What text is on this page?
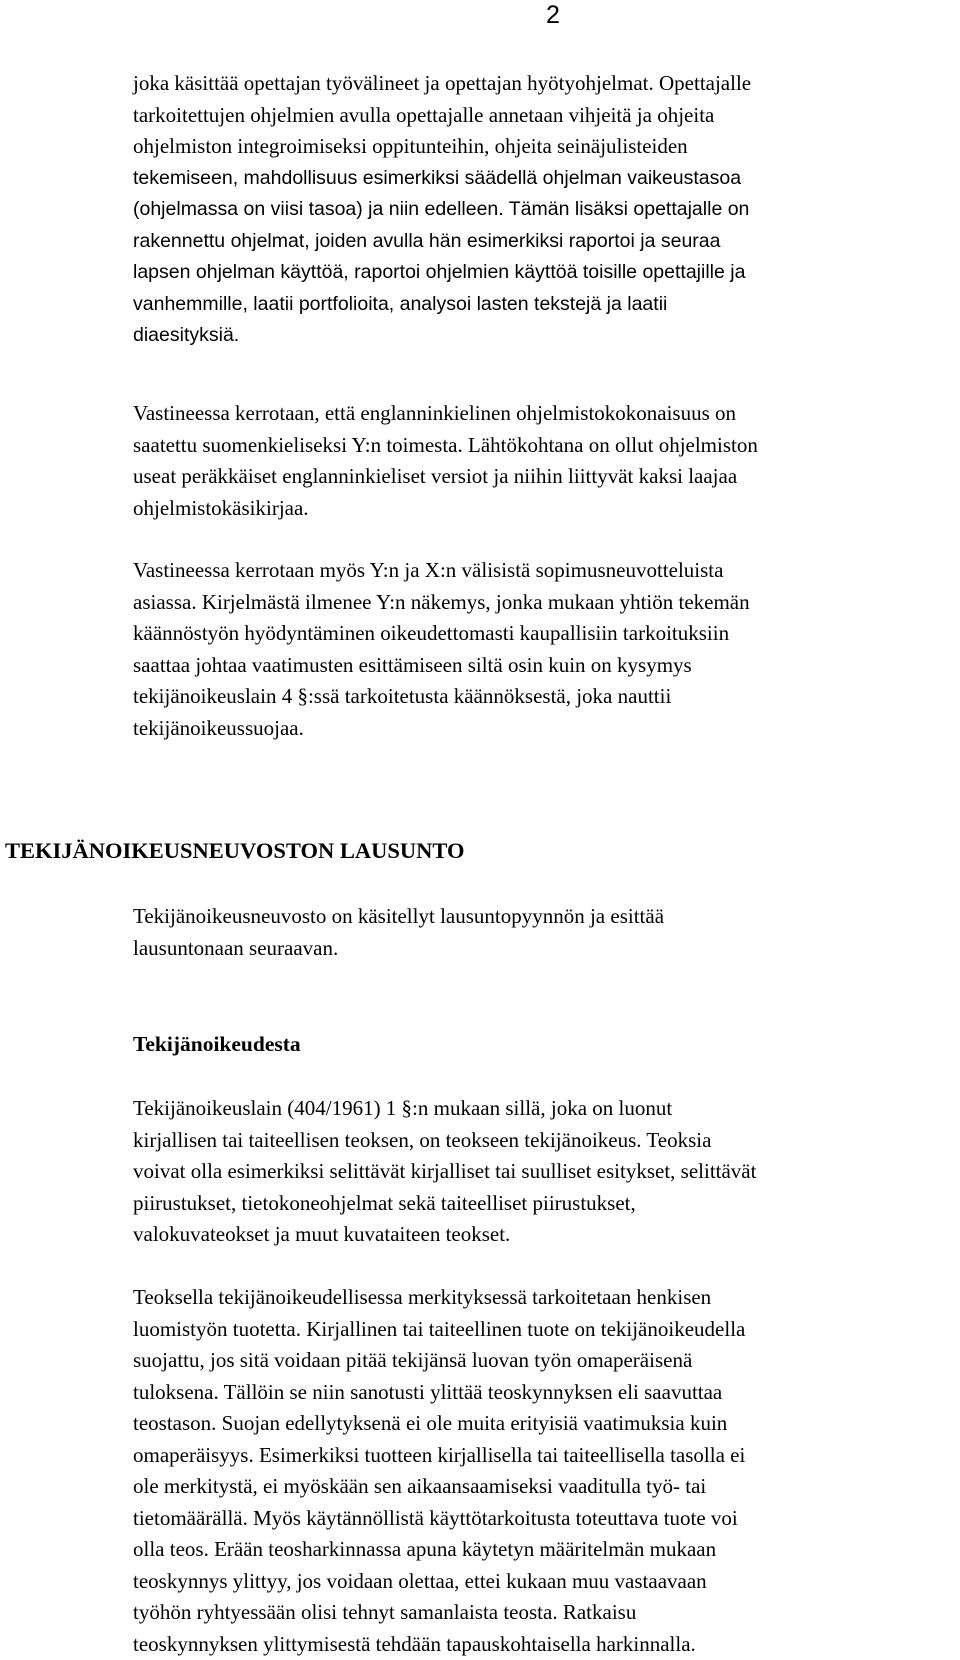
2
joka käsittää opettajan työvälineet ja opettajan hyötyohjelmat. Opettajalle
tarkoitettujen ohjelmien avulla opettajalle annetaan vihjeitä ja ohjeita
ohjelmiston integroimiseksi oppitunteihin, ohjeita seinäjulisteiden
tekemiseen, mahdollisuus esimerkiksi säädellä ohjelman vaikeustasoa
(ohjelmassa on viisi tasoa) ja niin edelleen. Tämän lisäksi opettajalle on
rakennettu ohjelmat, joiden avulla hän esimerkiksi raportoi ja seuraa
lapsen ohjelman käyttöä, raportoi ohjelmien käyttöä toisille opettajille ja
vanhemmille, laatii portfolioita, analysoi lasten tekstejä ja laatii
diaesityksiä.
Vastineessa kerrotaan, että englanninkielinen ohjelmistokokonaisuus on
saatettu suomenkieliseksi Y:n toimesta. Lähtökohtana on ollut ohjelmiston
useat peräkkäiset englanninkieliset versiot ja niihin liittyvät kaksi laajaa
ohjelmistokäsikirjaa.
Vastineessa kerrotaan myös Y:n ja X:n välisistä sopimusneuvotteluista
asiassa. Kirjelmästä ilmenee Y:n näkemys, jonka mukaan yhtiön tekemän
käännöstyön hyödyntäminen oikeudettomasti kaupallisiin tarkoituksiin
saattaa johtaa vaatimusten esittämiseen siltä osin kuin on kysymys
tekijänoikeuslain 4 §:ssä tarkoitetusta käännöksestä, joka nauttii
tekijänoikeussuojaa.
TEKIJÄNOIKEUSNEUVOSTON LAUSUNTO
Tekijänoikeusneuvosto on käsitellyt lausuntopyynnön ja esittää
lausuntonaan seuraavan.
Tekijänoikeudesta
Tekijänoikeuslain (404/1961) 1 §:n mukaan sillä, joka on luonut
kirjallisen tai taiteellisen teoksen, on teokseen tekijänoikeus. Teoksia
voivat olla esimerkiksi selittävät kirjalliset tai suulliset esitykset, selittävät
piirustukset, tietokoneohjelmat sekä taiteelliset piirustukset,
valokuvateokset ja muut kuvataiteen teokset.
Teoksella tekijänoikeudellisessa merkityksessä tarkoitetaan henkisen
luomistyön tuotetta. Kirjallinen tai taiteellinen tuote on tekijänoikeudella
suojattu, jos sitä voidaan pitää tekijänsä luovan työn omaperäisenä
tuloksena. Tällöin se niin sanotusti ylittää teoskynnyksen eli saavuttaa
teostason. Suojan edellytyksenä ei ole muita erityisiä vaatimuksia kuin
omaperäisyys. Esimerkiksi tuotteen kirjallisella tai taiteellisella tasolla ei
ole merkitystä, ei myöskään sen aikaansaamiseksi vaaditulla työ- tai
tietomäärällä. Myös käytännöllistä käyttötarkoitusta toteuttava tuote voi
olla teos. Erään teosharkinnassa apuna käytetyn määritelmän mukaan
teoskynnys ylittyy, jos voidaan olettaa, ettei kukaan muu vastaavaan
työhön ryhtyessään olisi tehnyt samanlaista teosta. Ratkaisu
teoskynnyksen ylittymisestä tehdään tapauskohtaisella harkinnalla.
